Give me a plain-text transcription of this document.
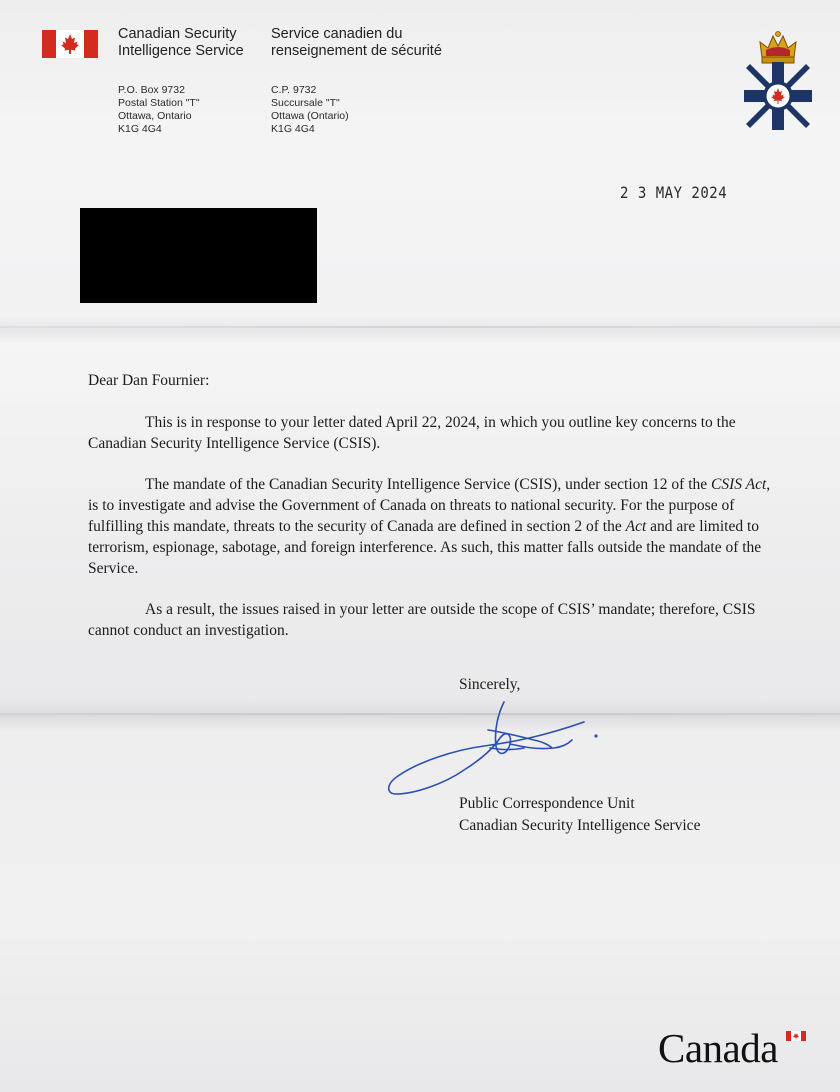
Canadian Security
Intelligence Service
Service canadien du
renseignement de sécurité
P.O. Box 9732
Postal Station "T"
Ottawa, Ontario
K1G 4G4
C.P. 9732
Succursale "T"
Ottawa (Ontario)
K1G 4G4
2 3 MAY 2024

Dear Dan Fournier:

This is in response to your letter dated April 22, 2024, in which you outline key concerns to the Canadian Security Intelligence Service (CSIS).

The mandate of the Canadian Security Intelligence Service (CSIS), under section 12 of the CSIS Act, is to investigate and advise the Government of Canada on threats to national security. For the purpose of fulfilling this mandate, threats to the security of Canada are defined in section 2 of the Act and are limited to terrorism, espionage, sabotage, and foreign interference. As such, this matter falls outside the mandate of the Service.

As a result, the issues raised in your letter are outside the scope of CSIS’ mandate; therefore, CSIS cannot conduct an investigation.

Sincerely,
Public Correspondence Unit
Canadian Security Intelligence Service
Canada
